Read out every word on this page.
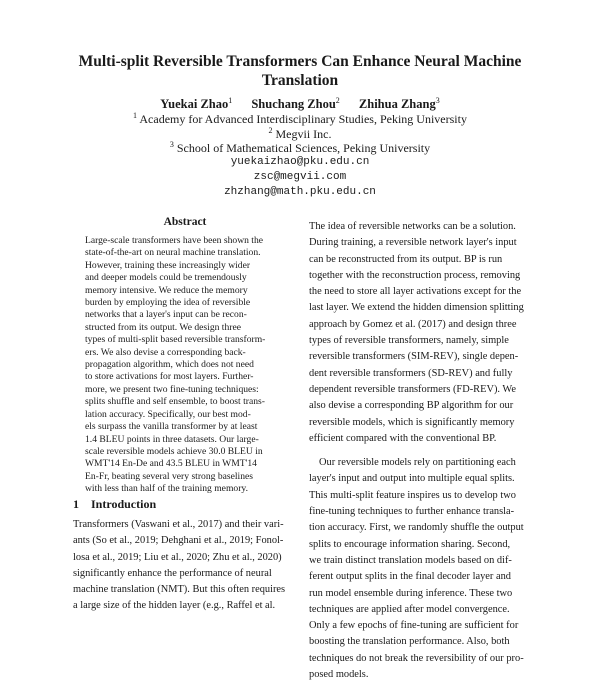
Multi-split Reversible Transformers Can Enhance Neural Machine Translation
Yuekai Zhao$^1$ Shuchang Zhou$^2$ Zhihua Zhang$^3$
$^1$ Academy for Advanced Interdisciplinary Studies, Peking University
$^2$ Megvii Inc.
$^3$ School of Mathematical Sciences, Peking University
yuekaizhao@pku.edu.cn
zsc@megvii.com
zhzhang@math.pku.edu.cn
Abstract

Large-scale transformers have been shown the
state-of-the-art on neural machine translation.
However, training these increasingly wider
and deeper models could be tremendously
memory intensive. We reduce the memory
burden by employing the idea of reversible
networks that a layer's input can be recon-
structed from its output. We design three
types of multi-split based reversible transform-
ers. We also devise a corresponding back-
propagation algorithm, which does not need
to store activations for most layers. Further-
more, we present two fine-tuning techniques:
splits shuffle and self ensemble, to boost trans-
lation accuracy. Specifically, our best mod-
els surpass the vanilla transformer by at least
1.4 BLEU points in three datasets. Our large-
scale reversible models achieve 30.0 BLEU in
WMT'14 En-De and 43.5 BLEU in WMT'14
En-Fr, beating several very strong baselines
with less than half of the training memory.

1 Introduction

Transformers (Vaswani et al., 2017) and their vari-
ants (So et al., 2019; Dehghani et al., 2019; Fonol-
losa et al., 2019; Liu et al., 2020; Zhu et al., 2020)
significantly enhance the performance of neural
machine translation (NMT). But this often requires
a large size of the hidden layer (e.g., Raffel et al.

The idea of reversible networks can be a solution.
During training, a reversible network layer's input
can be reconstructed from its output. BP is run
together with the reconstruction process, removing
the need to store all layer activations except for the
last layer. We extend the hidden dimension splitting
approach by Gomez et al. (2017) and design three
types of reversible transformers, namely, simple
reversible transformers (SIM-REV), single depen-
dent reversible transformers (SD-REV) and fully
dependent reversible transformers (FD-REV). We
also devise a corresponding BP algorithm for our
reversible models, which is significantly memory
efficient compared with the conventional BP.

Our reversible models rely on partitioning each
layer's input and output into multiple equal splits.
This multi-split feature inspires us to develop two
fine-tuning techniques to further enhance transla-
tion accuracy. First, we randomly shuffle the output
splits to encourage information sharing. Second,
we train distinct translation models based on dif-
ferent output splits in the final decoder layer and
run model ensemble during inference. These two
techniques are applied after model convergence.
Only a few epochs of fine-tuning are sufficient for
boosting the translation performance. Also, both
techniques do not break the reversibility of our pro-
posed models.
